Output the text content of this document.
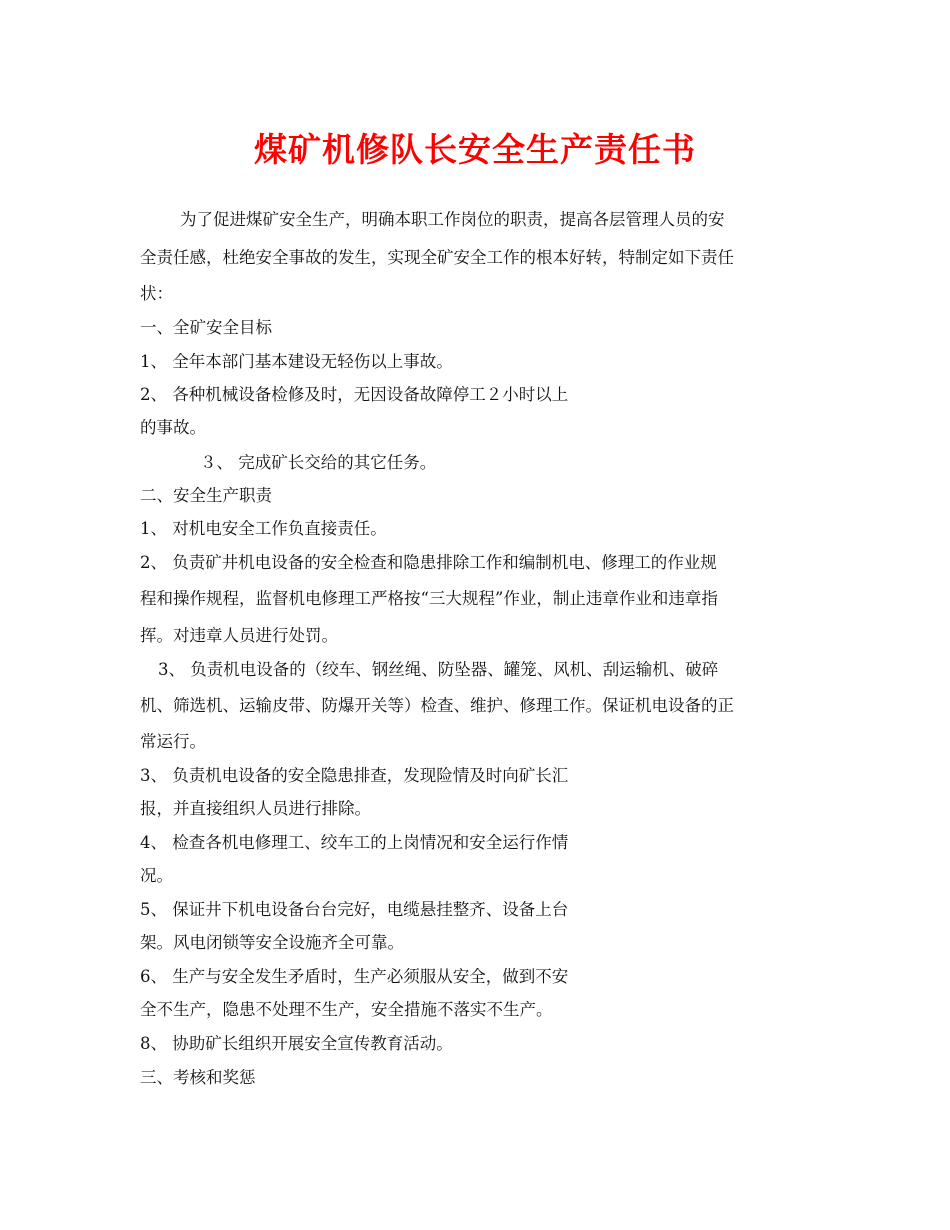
煤矿机修队长安全生产责任书

为了促进煤矿安全生产，明确本职工作岗位的职责，提高各层管理人员的安

全责任感，杜绝安全事故的发生，实现全矿安全工作的根本好转，特制定如下责任

状：

一、全矿安全目标

1、 全年本部门基本建设无轻伤以上事故。

2、 各种机械设备检修及时，无因设备故障停工２小时以上

的事故。

３、 完成矿长交给的其它任务。

二、安全生产职责

1、 对机电安全工作负直接责任。

2、 负责矿井机电设备的安全检查和隐患排除工作和编制机电、修理工的作业规

程和操作规程，监督机电修理工严格按“三大规程”作业，制止违章作业和违章指

挥。对违章人员进行处罚。

3、 负责机电设备的（绞车、钢丝绳、防坠器、罐笼、风机、刮运输机、破碎

机、筛选机、运输皮带、防爆开关等）检查、维护、修理工作。保证机电设备的正

常运行。

3、 负责机电设备的安全隐患排查，发现险情及时向矿长汇

报，并直接组织人员进行排除。

4、 检查各机电修理工、绞车工的上岗情况和安全运行作情

况。

5、 保证井下机电设备台台完好，电缆悬挂整齐、设备上台

架。风电闭锁等安全设施齐全可靠。

6、 生产与安全发生矛盾时，生产必须服从安全，做到不安

全不生产，隐患不处理不生产，安全措施不落实不生产。

8、 协助矿长组织开展安全宣传教育活动。

三、考核和奖惩
